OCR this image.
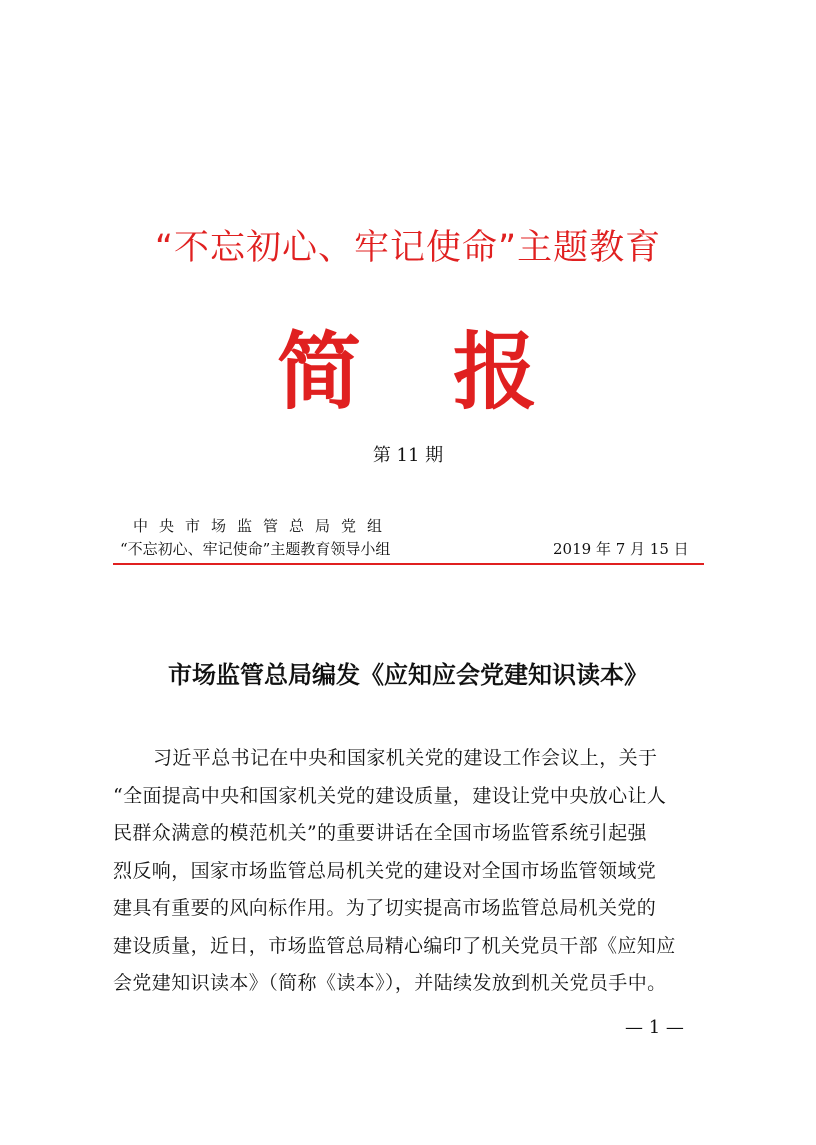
“不忘初心、牢记使命”主题教育
简 报
第 11 期
中央市场监管总局党组
“不忘初心、牢记使命”主题教育领导小组	2019 年 7 月 15 日
市场监管总局编发《应知应会党建知识读本》
习近平总书记在中央和国家机关党的建设工作会议上，关于
“全面提高中央和国家机关党的建设质量，建设让党中央放心让人
民群众满意的模范机关”的重要讲话在全国市场监管系统引起强
烈反响，国家市场监管总局机关党的建设对全国市场监管领域党
建具有重要的风向标作用。为了切实提高市场监管总局机关党的
建设质量，近日，市场监管总局精心编印了机关党员干部《应知应
会党建知识读本》（简称《读本》），并陆续发放到机关党员手中。
— 1 —
